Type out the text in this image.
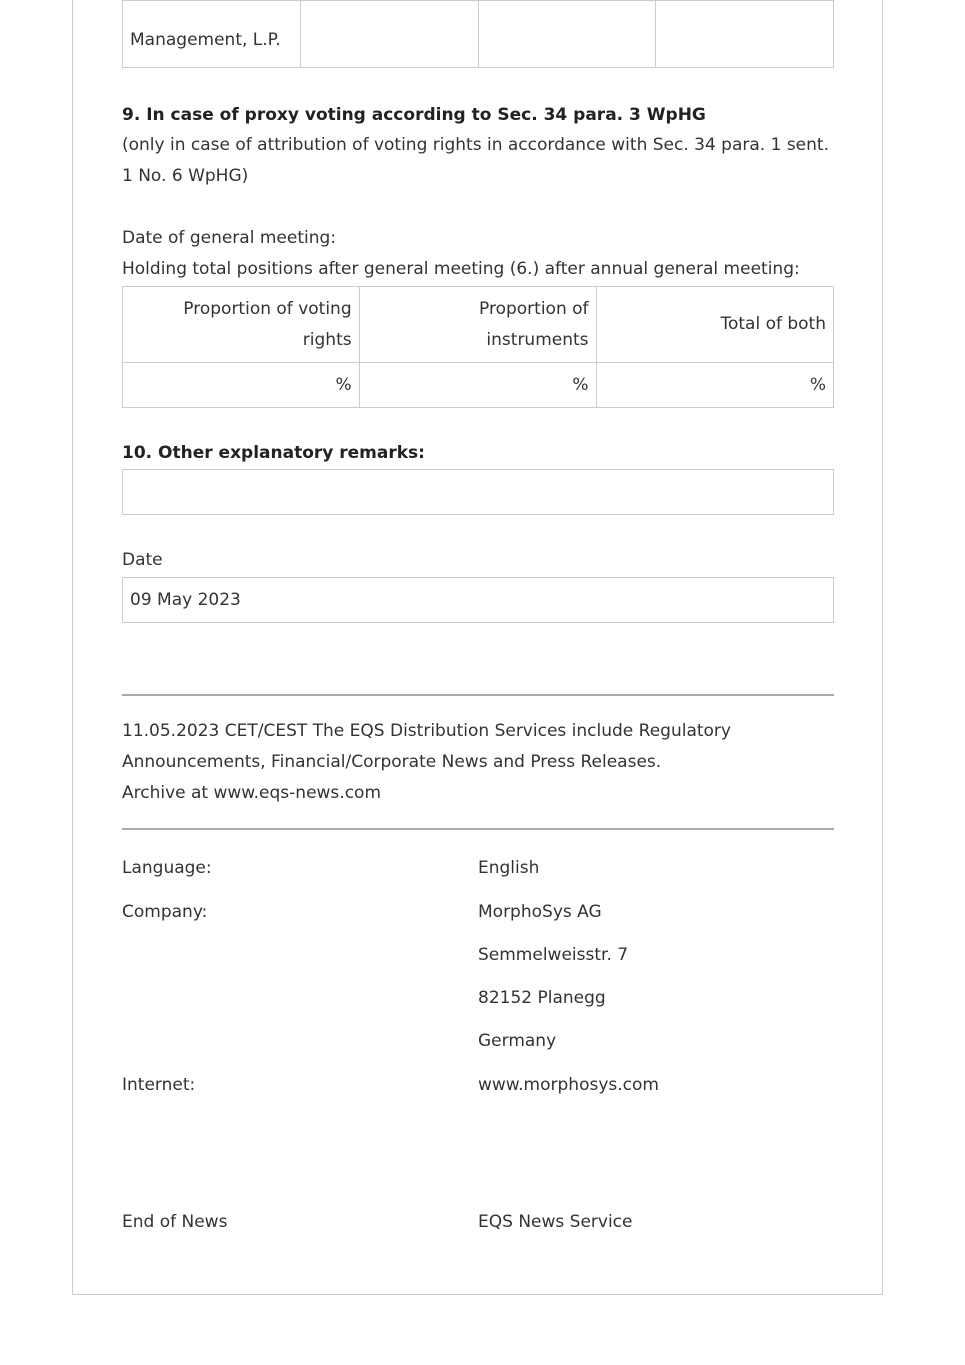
Management, L.P.

9. In case of proxy voting according to Sec. 34 para. 3 WpHG
(only in case of attribution of voting rights in accordance with Sec. 34 para. 1 sent. 1 No. 6 WpHG)
Date of general meeting:
Holding total positions after general meeting (6.) after annual general meeting:
Proportion of voting rights	Proportion of instruments	Total of both
%	%	%
10. Other explanatory remarks:
Date
09 May 2023
11.05.2023 CET/CEST The EQS Distribution Services include Regulatory
Announcements, Financial/Corporate News and Press Releases.
Archive at www.eqs-news.com
Language:	English
Company:	MorphoSys AG
Semmelweisstr. 7
82152 Planegg
Germany
Internet:	www.morphosys.com
End of News	EQS News Service
